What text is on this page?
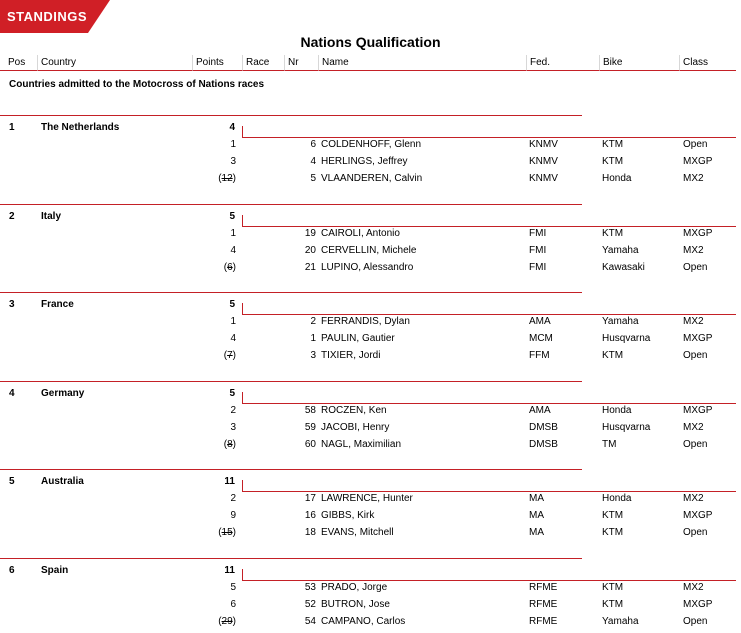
STANDINGS
Nations Qualification
Pos	Country	Points	Race	Nr	Name	Fed.	Bike	Class
Countries admitted to the Motocross of Nations races
1	The Netherlands	4
1	6 COLDENHOFF, Glenn	KNMV	KTM	Open
3	4 HERLINGS, Jeffrey	KNMV	KTM	MXGP
(12)	5 VLAANDEREN, Calvin	KNMV	Honda	MX2
2	Italy	5
1	19 CAIROLI, Antonio	FMI	KTM	MXGP
4	20 CERVELLIN, Michele	FMI	Yamaha	MX2
(6)	21 LUPINO, Alessandro	FMI	Kawasaki	Open
3	France	5
1	2 FERRANDIS, Dylan	AMA	Yamaha	MX2
4	1 PAULIN, Gautier	MCM	Husqvarna	MXGP
(7)	3 TIXIER, Jordi	FFM	KTM	Open
4	Germany	5
2	58 ROCZEN, Ken	AMA	Honda	MXGP
3	59 JACOBI, Henry	DMSB	Husqvarna	MX2
(8)	60 NAGL, Maximilian	DMSB	TM	Open
5	Australia	11
2	17 LAWRENCE, Hunter	MA	Honda	MX2
9	16 GIBBS, Kirk	MA	KTM	MXGP
(15)	18 EVANS, Mitchell	MA	KTM	Open
6	Spain	11
5	53 PRADO, Jorge	RFME	KTM	MX2
6	52 BUTRON, Jose	RFME	KTM	MXGP
(29)	54 CAMPANO, Carlos	RFME	Yamaha	Open
